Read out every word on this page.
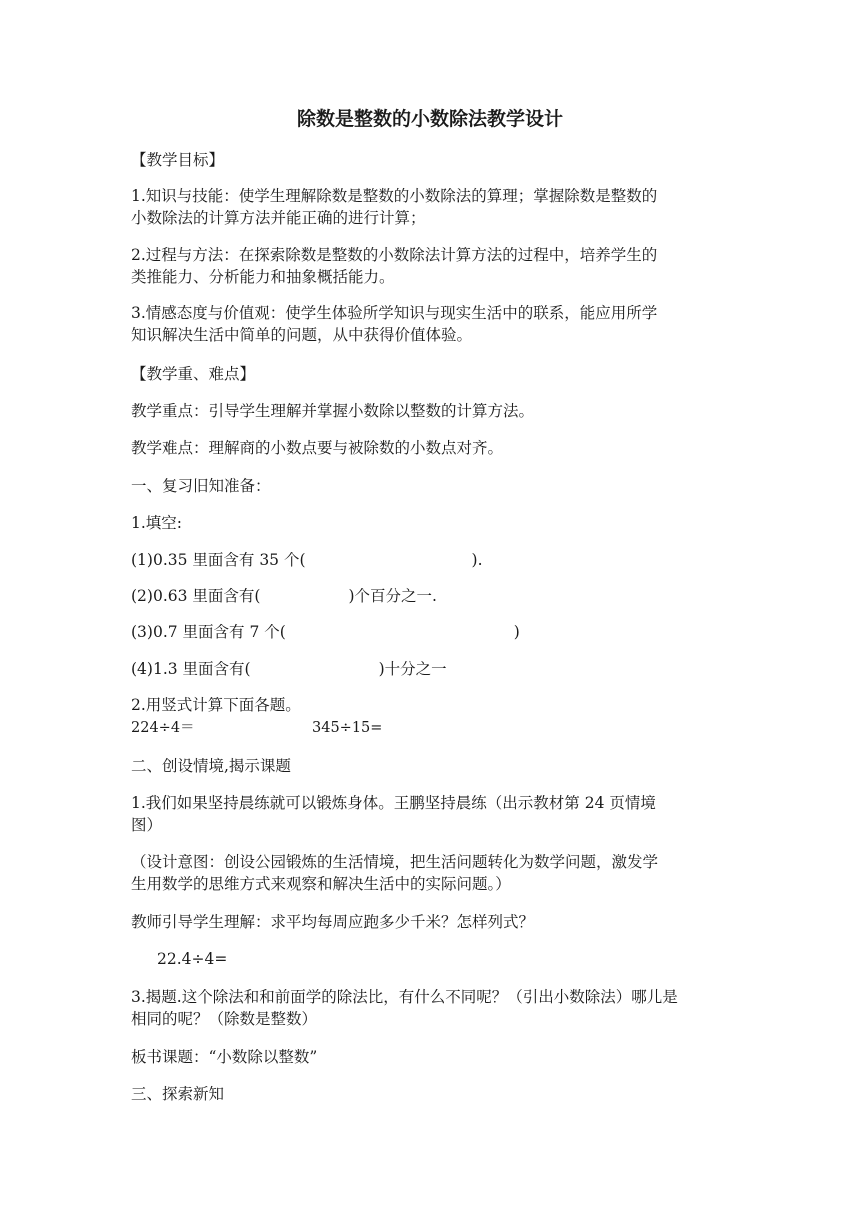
除数是整数的小数除法教学设计
【教学目标】
1.知识与技能：使学生理解除数是整数的小数除法的算理；掌握除数是整数的
小数除法的计算方法并能正确的进行计算；
2.过程与方法：在探索除数是整数的小数除法计算方法的过程中，培养学生的
类推能力、分析能力和抽象概括能力。
3.情感态度与价值观：使学生体验所学知识与现实生活中的联系，能应用所学
知识解决生活中简单的问题，从中获得价值体验。
【教学重、难点】
教学重点：引导学生理解并掌握小数除以整数的计算方法。
教学难点：理解商的小数点要与被除数的小数点对齐。
一、复习旧知准备：
1.填空:
(1)0.35 里面含有 35 个(	).
(2)0.63 里面含有(	)个百分之一.
(3)0.7 里面含有 7 个(	)
(4)1.3 里面含有(	)十分之一
2.用竖式计算下面各题。
224÷4＝	345÷15=
二、创设情境,揭示课题
1.我们如果坚持晨练就可以锻炼身体。王鹏坚持晨练（出示教材第 24 页情境
图）
（设计意图：创设公园锻炼的生活情境，把生活问题转化为数学问题，激发学
生用数学的思维方式来观察和解决生活中的实际问题。）
教师引导学生理解：求平均每周应跑多少千米？怎样列式？
22.4÷4=
3.揭题.这个除法和和前面学的除法比，有什么不同呢？（引出小数除法）哪儿是
相同的呢？（除数是整数）
板书课题：“小数除以整数”
三、探索新知
